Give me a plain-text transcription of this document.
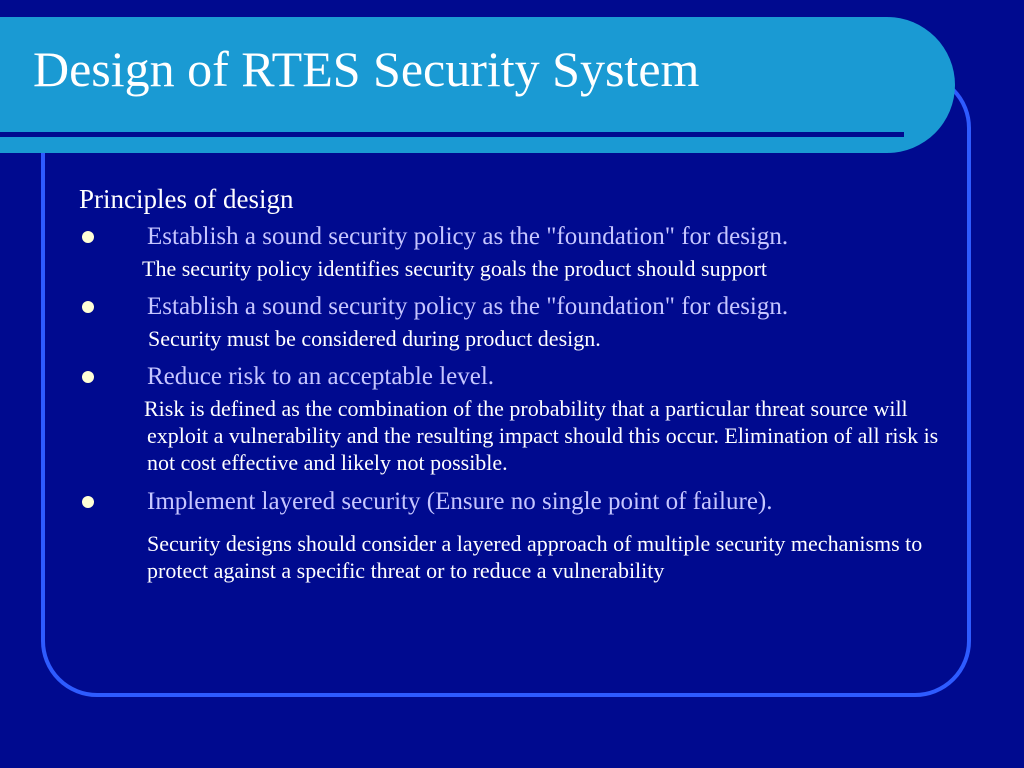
Design of RTES Security System
Principles of design
Establish a sound security policy as the "foundation" for design.

The security policy identifies security goals the product should support

Establish a sound security policy as the "foundation" for design.

Security must be considered during product design.

Reduce risk to an acceptable level.

Risk is defined as the combination of the probability that a particular threat source will exploit a vulnerability and the resulting impact should this occur. Elimination of all risk is not cost effective and likely not possible.

Implement layered security (Ensure no single point of failure).

Security designs should consider a layered approach of multiple security mechanisms to protect against a specific threat or to reduce a vulnerability
